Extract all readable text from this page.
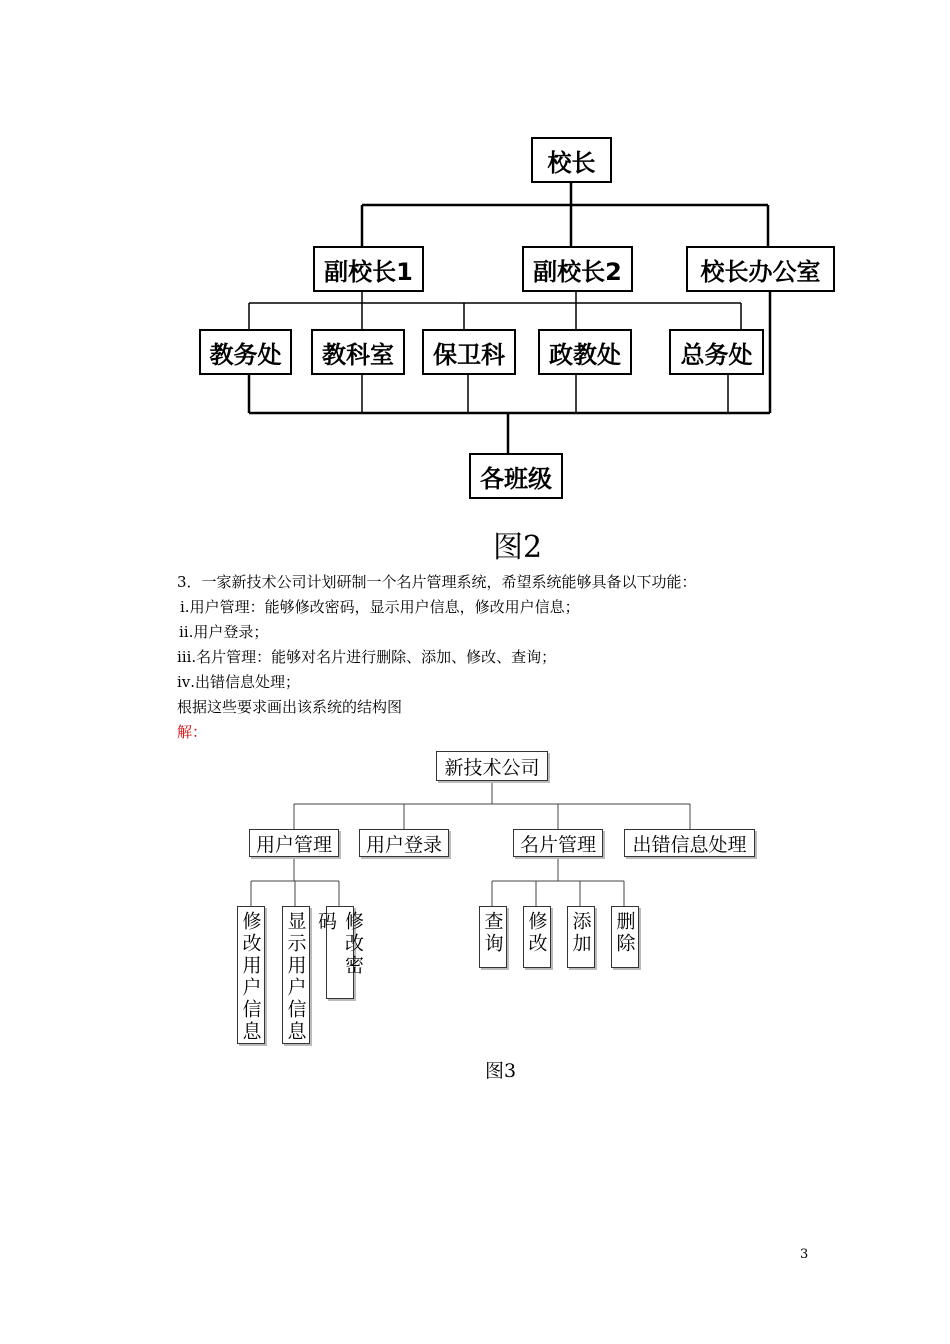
校长
副校长1	副校长2	校长办公室
教务处	教科室	保卫科	政教处	总务处
各班级
图2
3．一家新技术公司计划研制一个名片管理系统，希望系统能够具备以下功能：
ⅰ.用户管理：能够修改密码，显示用户信息，修改用户信息；
ⅱ.用户登录；
ⅲ.名片管理：能够对名片进行删除、添加、修改、查询；
ⅳ.出错信息处理；
根据这些要求画出该系统的结构图
解：
新技术公司
用户管理	用户登录	名片管理	出错信息处理
修改用户信息 显示用户信息	修改密码	查询 修改 添加 删除
图3
3
